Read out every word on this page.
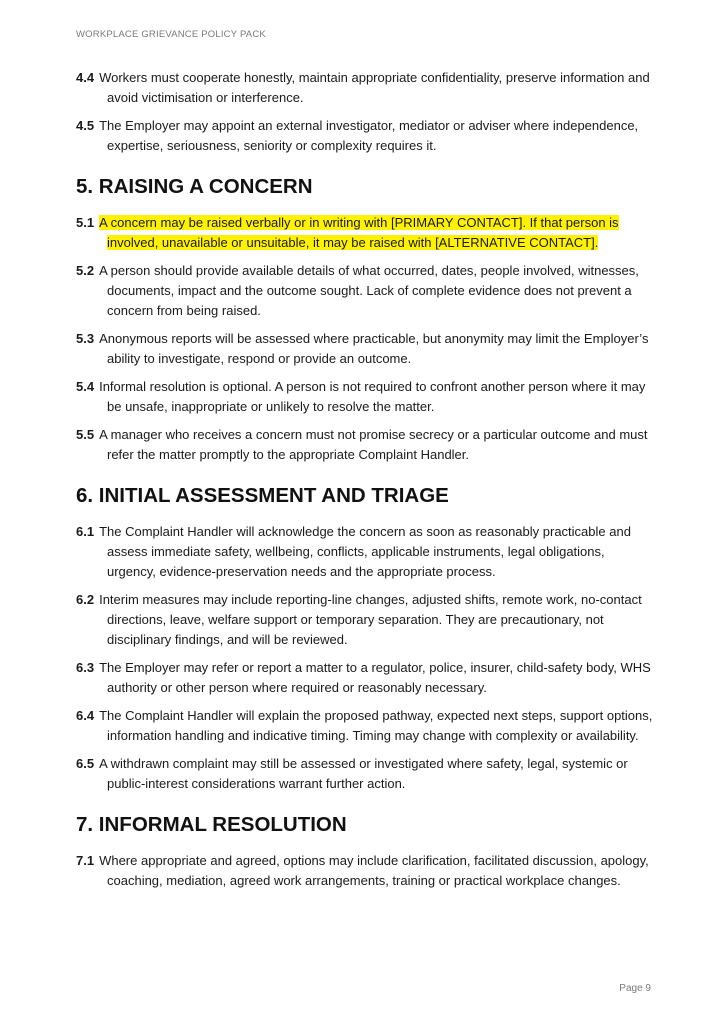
WORKPLACE GRIEVANCE POLICY PACK
4.4 Workers must cooperate honestly, maintain appropriate confidentiality, preserve information and avoid victimisation or interference.
4.5 The Employer may appoint an external investigator, mediator or adviser where independence, expertise, seriousness, seniority or complexity requires it.
5. RAISING A CONCERN
5.1 A concern may be raised verbally or in writing with [PRIMARY CONTACT]. If that person is involved, unavailable or unsuitable, it may be raised with [ALTERNATIVE CONTACT].
5.2 A person should provide available details of what occurred, dates, people involved, witnesses, documents, impact and the outcome sought. Lack of complete evidence does not prevent a concern from being raised.
5.3 Anonymous reports will be assessed where practicable, but anonymity may limit the Employer’s ability to investigate, respond or provide an outcome.
5.4 Informal resolution is optional. A person is not required to confront another person where it may be unsafe, inappropriate or unlikely to resolve the matter.
5.5 A manager who receives a concern must not promise secrecy or a particular outcome and must refer the matter promptly to the appropriate Complaint Handler.
6. INITIAL ASSESSMENT AND TRIAGE
6.1 The Complaint Handler will acknowledge the concern as soon as reasonably practicable and assess immediate safety, wellbeing, conflicts, applicable instruments, legal obligations, urgency, evidence-preservation needs and the appropriate process.
6.2 Interim measures may include reporting-line changes, adjusted shifts, remote work, no-contact directions, leave, welfare support or temporary separation. They are precautionary, not disciplinary findings, and will be reviewed.
6.3 The Employer may refer or report a matter to a regulator, police, insurer, child-safety body, WHS authority or other person where required or reasonably necessary.
6.4 The Complaint Handler will explain the proposed pathway, expected next steps, support options, information handling and indicative timing. Timing may change with complexity or availability.
6.5 A withdrawn complaint may still be assessed or investigated where safety, legal, systemic or public-interest considerations warrant further action.
7. INFORMAL RESOLUTION
7.1 Where appropriate and agreed, options may include clarification, facilitated discussion, apology, coaching, mediation, agreed work arrangements, training or practical workplace changes.
Page 9
